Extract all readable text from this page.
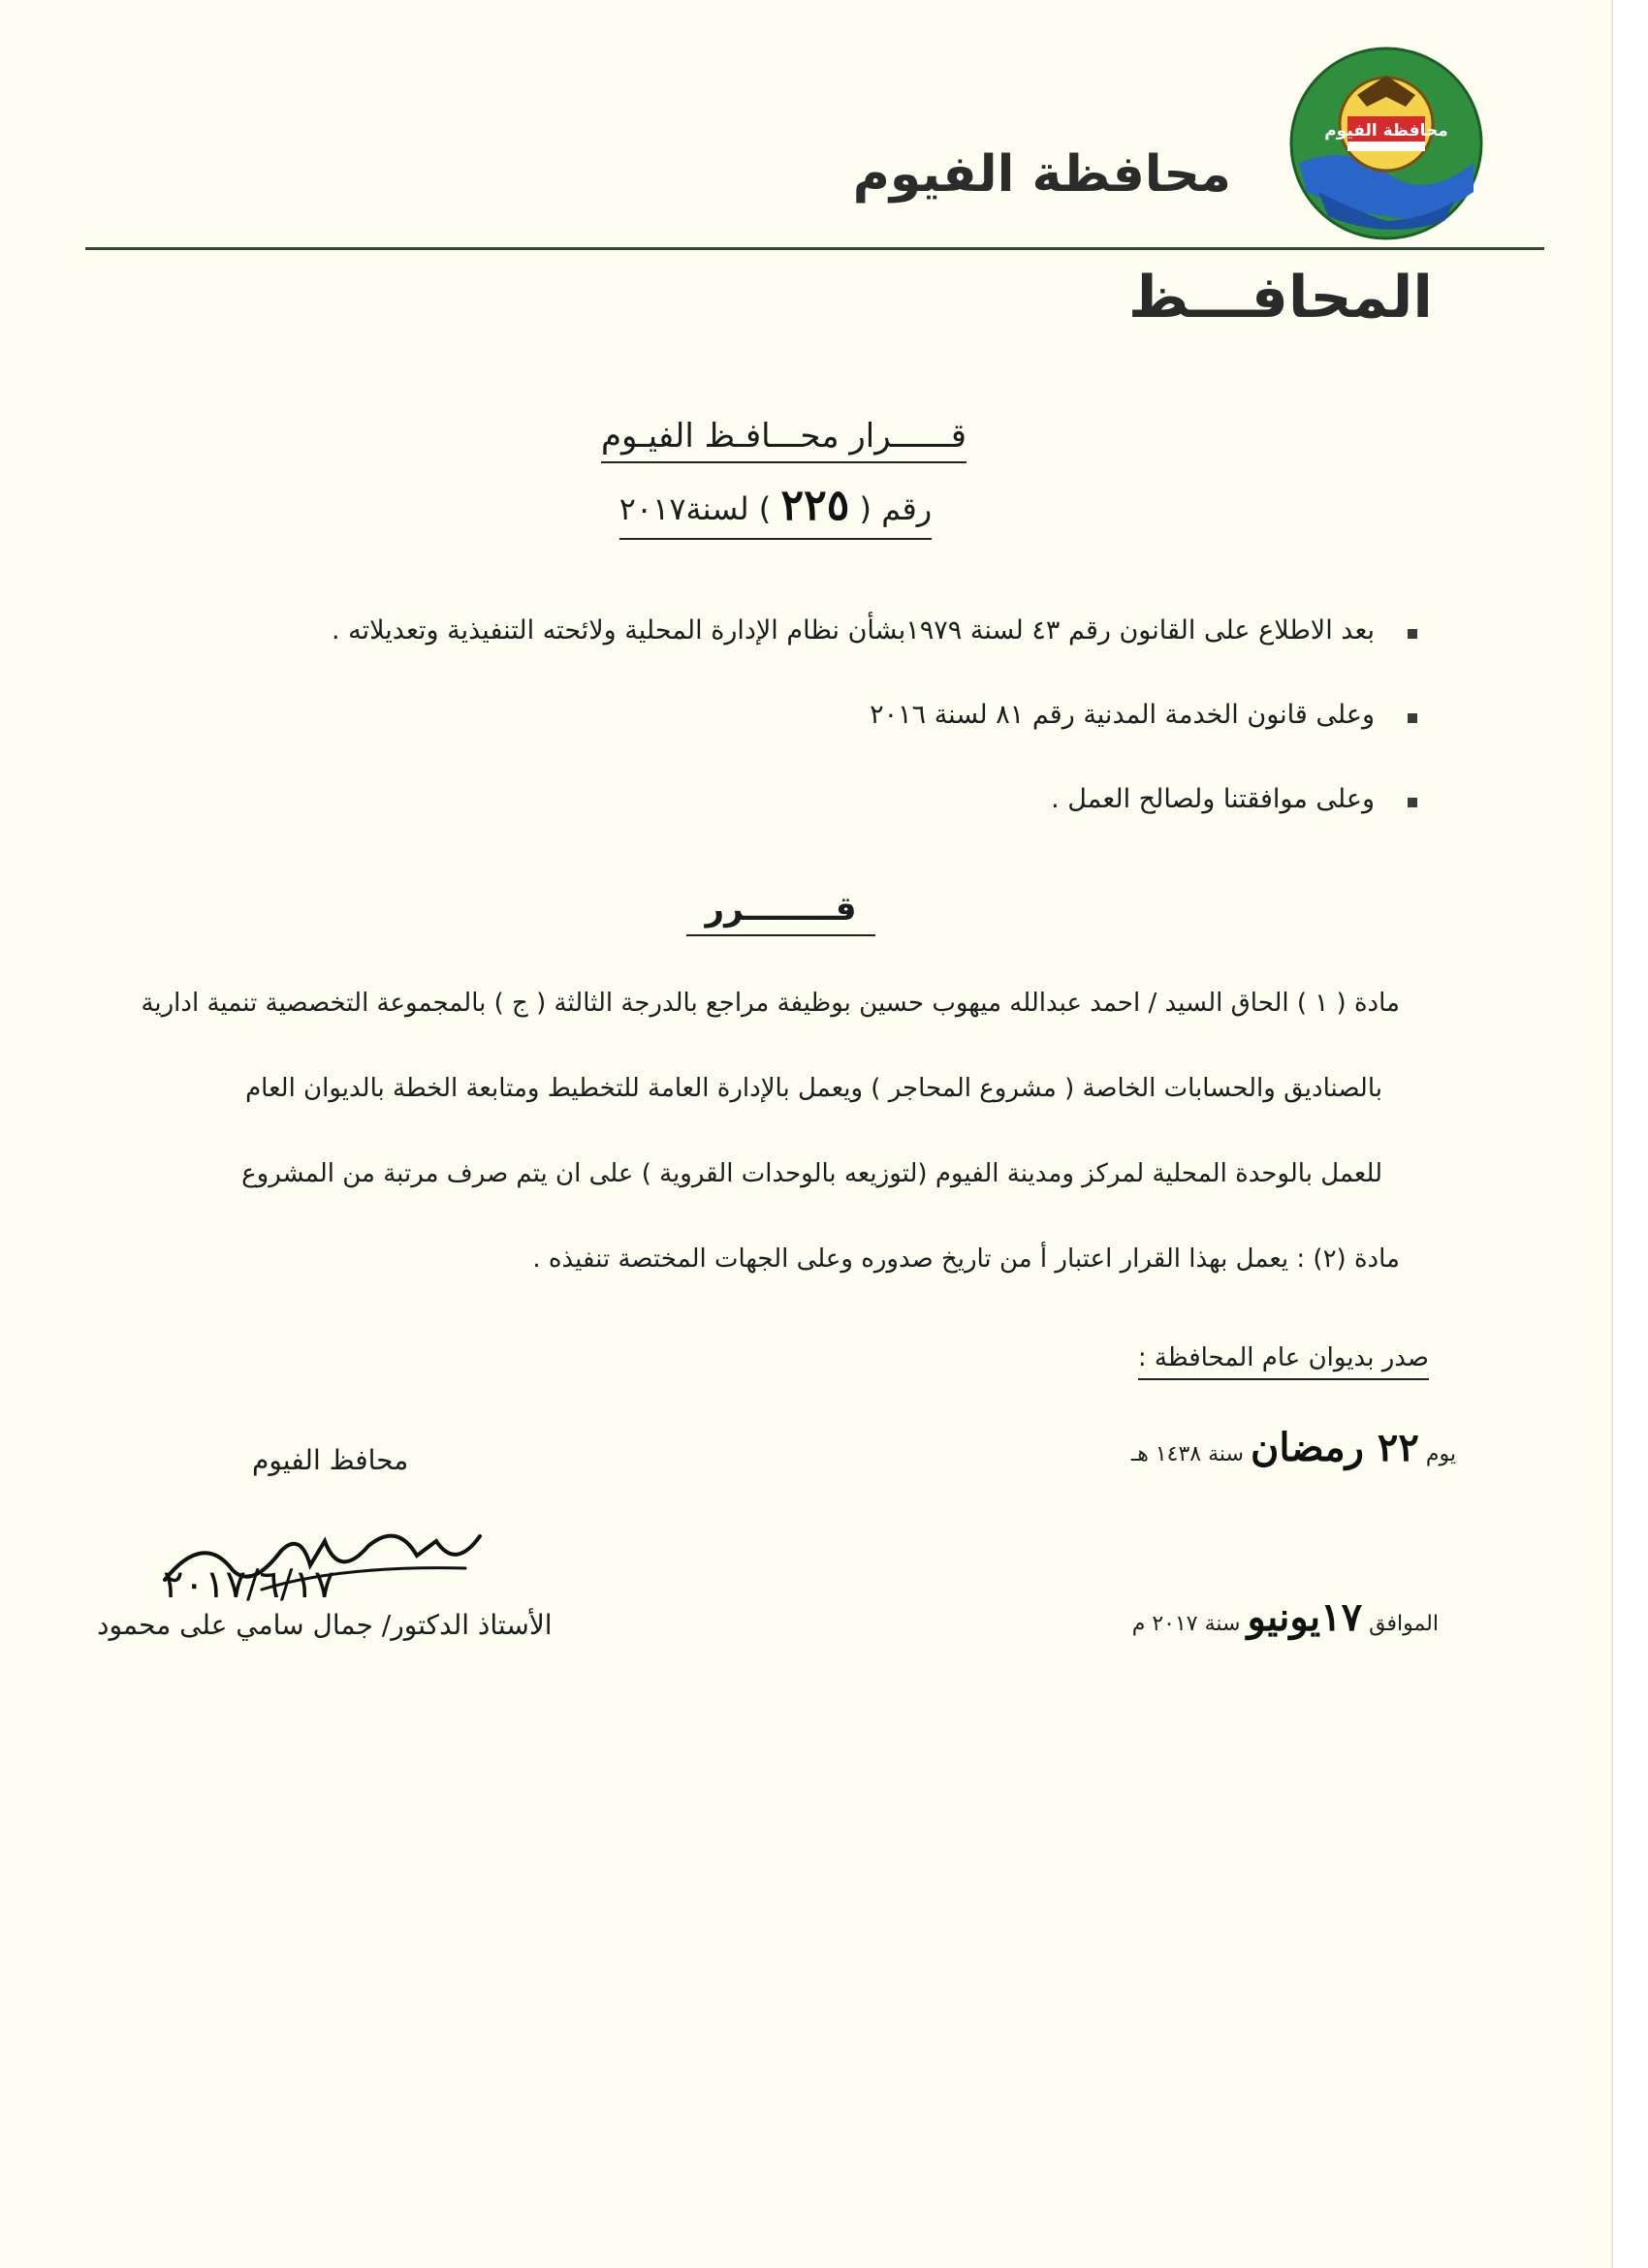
محافظة الفيوم
محافظة الفيوم
المحافـــظ
قــــــرار محـــافـظ الفيـوم
رقم ( ٢٢٥ ) لسنة٢٠١٧
بعد الاطلاع على القانون رقم ٤٣ لسنة ١٩٧٩بشأن نظام الإدارة المحلية ولائحته التنفيذية وتعديلاته .
وعلى قانون الخدمة المدنية رقم ٨١ لسنة ٢٠١٦
وعلى موافقتنا ولصالح العمل .
قــــــــرر
مادة ( ١ ) الحاق السيد / احمد عبدالله ميهوب حسين بوظيفة مراجع بالدرجة الثالثة ( ج ) بالمجموعة التخصصية تنمية ادارية
بالصناديق والحسابات الخاصة ( مشروع المحاجر ) ويعمل بالإدارة العامة للتخطيط ومتابعة الخطة بالديوان العام
للعمل بالوحدة المحلية لمركز ومدينة الفيوم (لتوزيعه بالوحدات القروية ) على ان يتم صرف مرتبة من المشروع
مادة (٢) : يعمل بهذا القرار اعتبار أ من تاريخ صدوره وعلى الجهات المختصة تنفيذه .
صدر بديوان عام المحافظة :
يوم ٢٢ رمضان سنة ١٤٣٨ هـ
الموافق ١٧يونيو سنة ٢٠١٧ م
محافظ الفيوم
٢٠١٧/٦/١٧
الأستاذ الدكتور/ جمال سامي على محمود
